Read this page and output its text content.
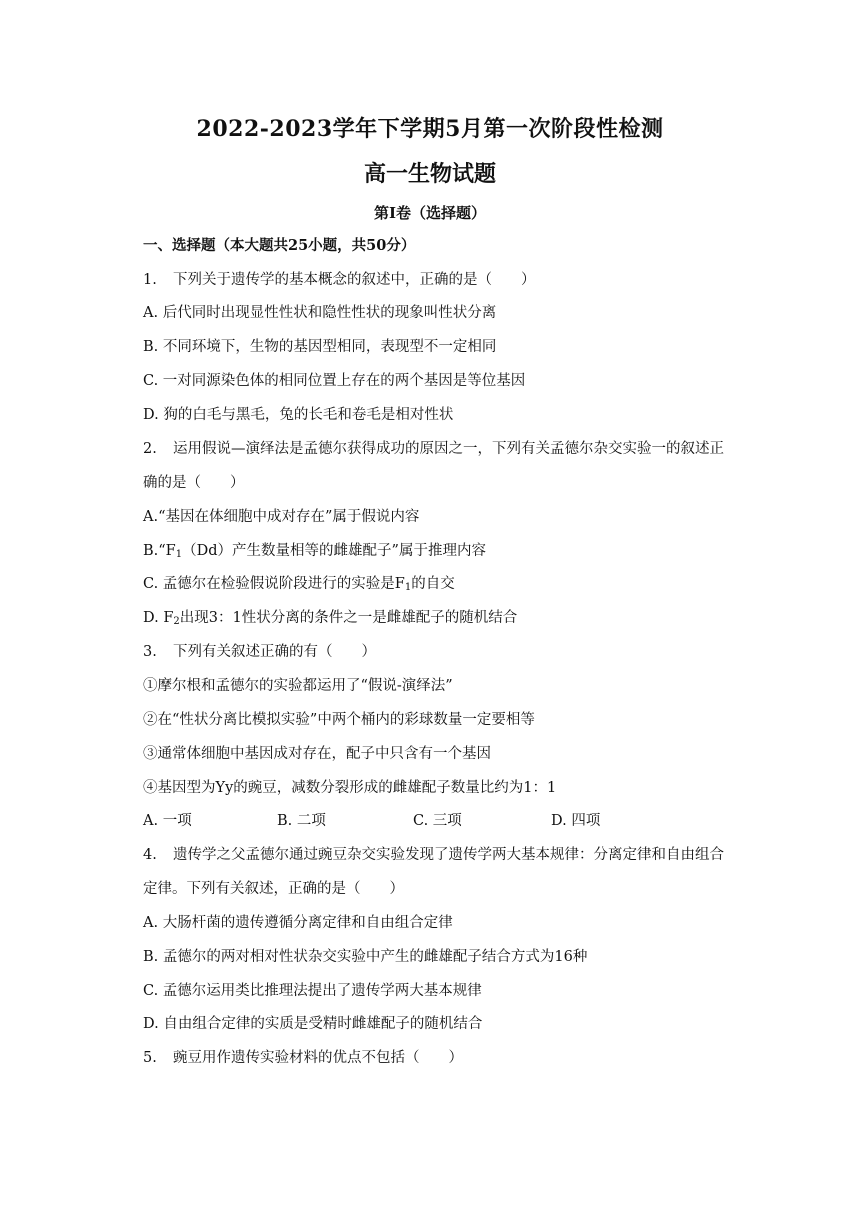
2022-2023学年下学期5月第一次阶段性检测
高一生物试题
第I卷（选择题）
一、选择题（本大题共25小题，共50分）
1. 下列关于遗传学的基本概念的叙述中，正确的是（　　）
A. 后代同时出现显性性状和隐性性状的现象叫性状分离
B. 不同环境下，生物的基因型相同，表现型不一定相同
C. 一对同源染色体的相同位置上存在的两个基因是等位基因
D. 狗的白毛与黑毛，兔的长毛和卷毛是相对性状
2. 运用假说—演绎法是孟德尔获得成功的原因之一，下列有关孟德尔杂交实验一的叙述正
确的是（　　）
A.“基因在体细胞中成对存在”属于假说内容
$B.“F_1(Dd)$产生数量相等的雌雄配子”属于推理内容
C. 孟德尔在检验假说阶段进行的实验是$F_1$的自交
D. $F_2$出现3：1性状分离的条件之一是雌雄配子的随机结合
3. 下列有关叙述正确的有（　　）
①摩尔根和孟德尔的实验都运用了“假说-演绎法”
②在“性状分离比模拟实验”中两个桶内的彩球数量一定要相等
③通常体细胞中基因成对存在，配子中只含有一个基因
④基因型为Yy的豌豆，减数分裂形成的雌雄配子数量比约为1：1
A. 一项	B. 二项	C. 三项	D. 四项
4. 遗传学之父孟德尔通过豌豆杂交实验发现了遗传学两大基本规律：分离定律和自由组合
定律。下列有关叙述，正确的是（　　）
A. 大肠杆菌的遗传遵循分离定律和自由组合定律
B. 孟德尔的两对相对性状杂交实验中产生的雌雄配子结合方式为16种
C. 孟德尔运用类比推理法提出了遗传学两大基本规律
D. 自由组合定律的实质是受精时雌雄配子的随机结合
5. 豌豆用作遗传实验材料的优点不包括（　　）
